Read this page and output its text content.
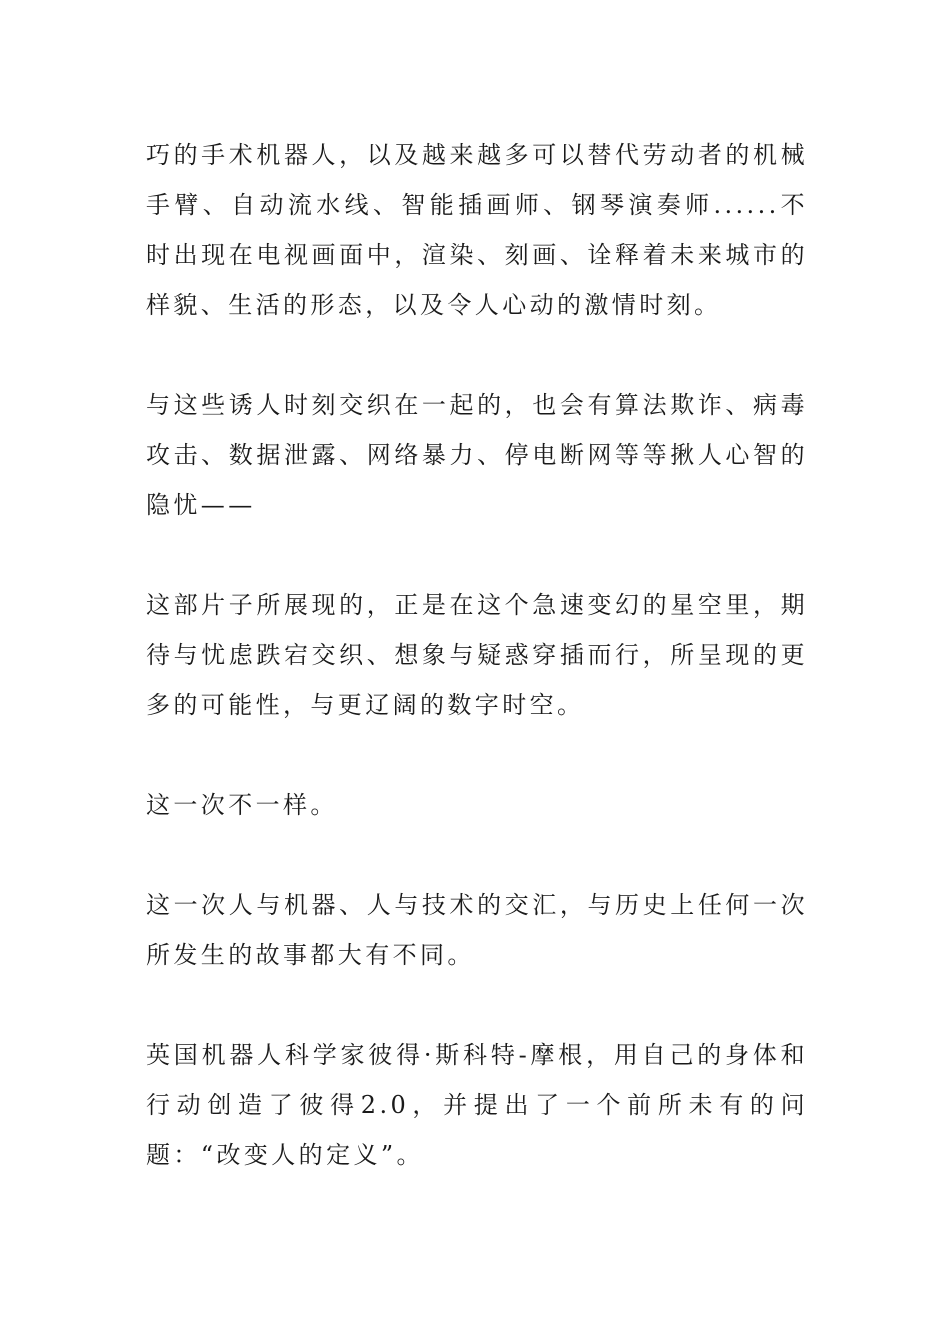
巧的手术机器人，以及越来越多可以替代劳动者的机械手臂、自动流水线、智能插画师、钢琴演奏师......不时出现在电视画面中，渲染、刻画、诠释着未来城市的样貌、生活的形态，以及令人心动的激情时刻。

与这些诱人时刻交织在一起的，也会有算法欺诈、病毒攻击、数据泄露、网络暴力、停电断网等等揪人心智的隐忧——

这部片子所展现的，正是在这个急速变幻的星空里，期待与忧虑跌宕交织、想象与疑惑穿插而行，所呈现的更多的可能性，与更辽阔的数字时空。

这一次不一样。

这一次人与机器、人与技术的交汇，与历史上任何一次所发生的故事都大有不同。

英国机器人科学家彼得·斯科特-摩根，用自己的身体和行动创造了彼得2.0，并提出了一个前所未有的问题：“改变人的定义”。
